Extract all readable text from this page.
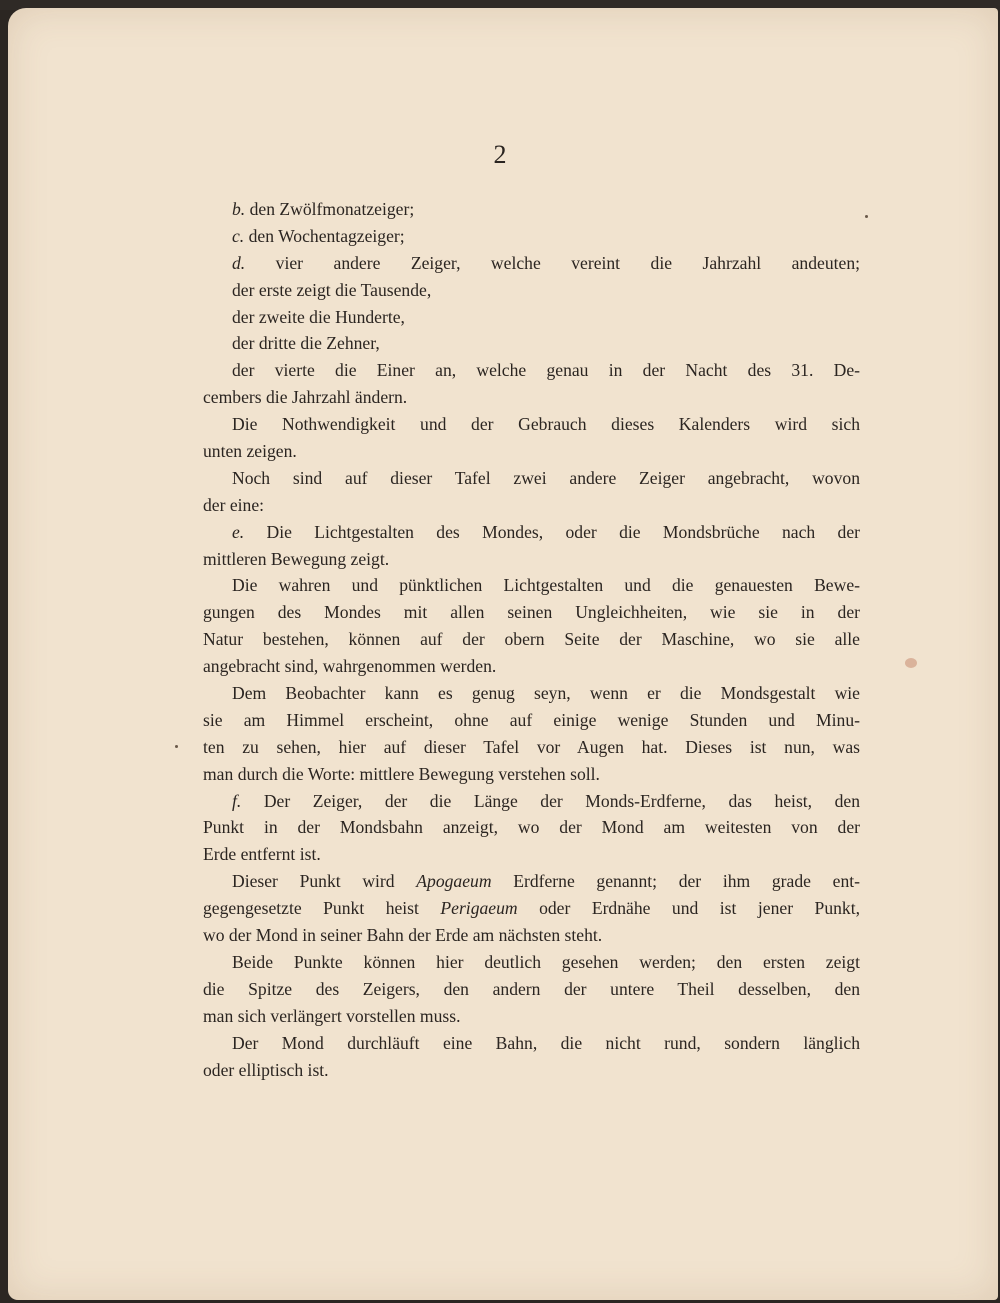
2
b. den Zwölfmonatzeiger;
c. den Wochentagzeiger;
d. vier andere Zeiger, welche vereint die Jahrzahl andeuten;
der erste zeigt die Tausende,
der zweite die Hunderte,
der dritte die Zehner,
der vierte die Einer an, welche genau in der Nacht des 31. De-
cembers die Jahrzahl ändern.
Die Nothwendigkeit und der Gebrauch dieses Kalenders wird sich
unten zeigen.
Noch sind auf dieser Tafel zwei andere Zeiger angebracht, wovon
der eine:
e. Die Lichtgestalten des Mondes, oder die Mondsbrüche nach der
mittleren Bewegung zeigt.
Die wahren und pünktlichen Lichtgestalten und die genauesten Bewe-
gungen des Mondes mit allen seinen Ungleichheiten, wie sie in der
Natur bestehen, können auf der obern Seite der Maschine, wo sie alle
angebracht sind, wahrgenommen werden.
Dem Beobachter kann es genug seyn, wenn er die Mondsgestalt wie
sie am Himmel erscheint, ohne auf einige wenige Stunden und Minu-
ten zu sehen, hier auf dieser Tafel vor Augen hat. Dieses ist nun, was
man durch die Worte: mittlere Bewegung verstehen soll.
f. Der Zeiger, der die Länge der Monds-Erdferne, das heist, den
Punkt in der Mondsbahn anzeigt, wo der Mond am weitesten von der
Erde entfernt ist.
Dieser Punkt wird Apogaeum Erdferne genannt; der ihm grade ent-
gegengesetzte Punkt heist Perigaeum oder Erdnähe und ist jener Punkt,
wo der Mond in seiner Bahn der Erde am nächsten steht.
Beide Punkte können hier deutlich gesehen werden; den ersten zeigt
die Spitze des Zeigers, den andern der untere Theil desselben, den
man sich verlängert vorstellen muss.
Der Mond durchläuft eine Bahn, die nicht rund, sondern länglich
oder elliptisch ist.
